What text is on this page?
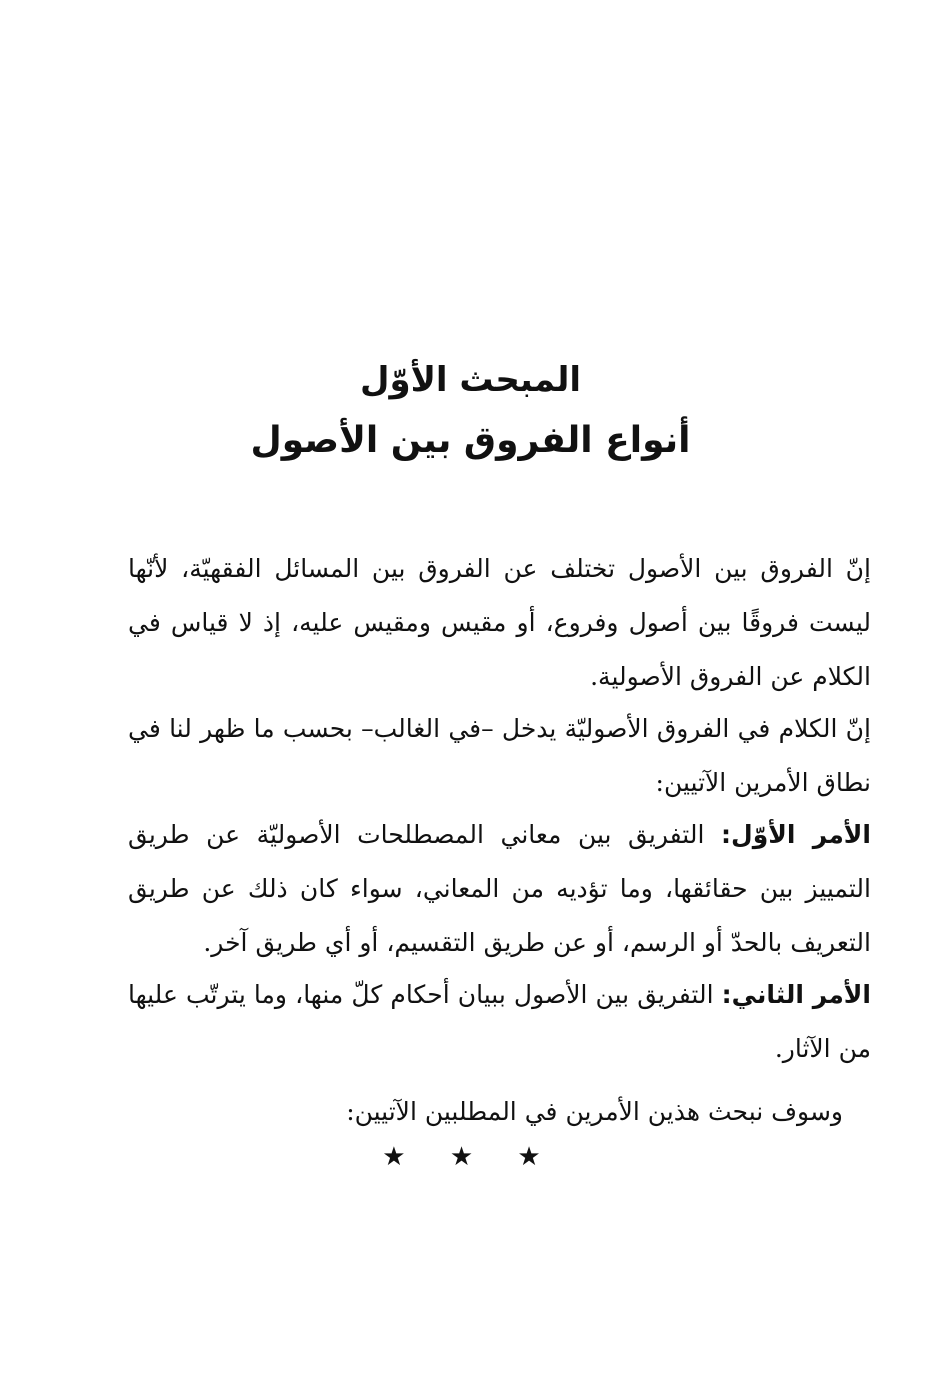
المبحث الأوّل
أنواع الفروق بين الأصول
إنّ الفروق بين الأصول تختلف عن الفروق بين المسائل الفقهيّة، لأنّها ليست فروقًا بين أصول وفروع، أو مقيس ومقيس عليه، إذ لا قياس في الكلام عن الفروق الأصولية.
إنّ الكلام في الفروق الأصوليّة يدخل –في الغالب– بحسب ما ظهر لنا في نطاق الأمرين الآتيين:
الأمر الأوّل: التفريق بين معاني المصطلحات الأصوليّة عن طريق التمييز بين حقائقها، وما تؤديه من المعاني، سواء كان ذلك عن طريق التعريف بالحدّ أو الرسم، أو عن طريق التقسيم، أو أي طريق آخر.
الأمر الثاني: التفريق بين الأصول ببيان أحكام كلّ منها، وما يترتّب عليها من الآثار.
وسوف نبحث هذين الأمرين في المطلبين الآتيين:
★ ★ ★
